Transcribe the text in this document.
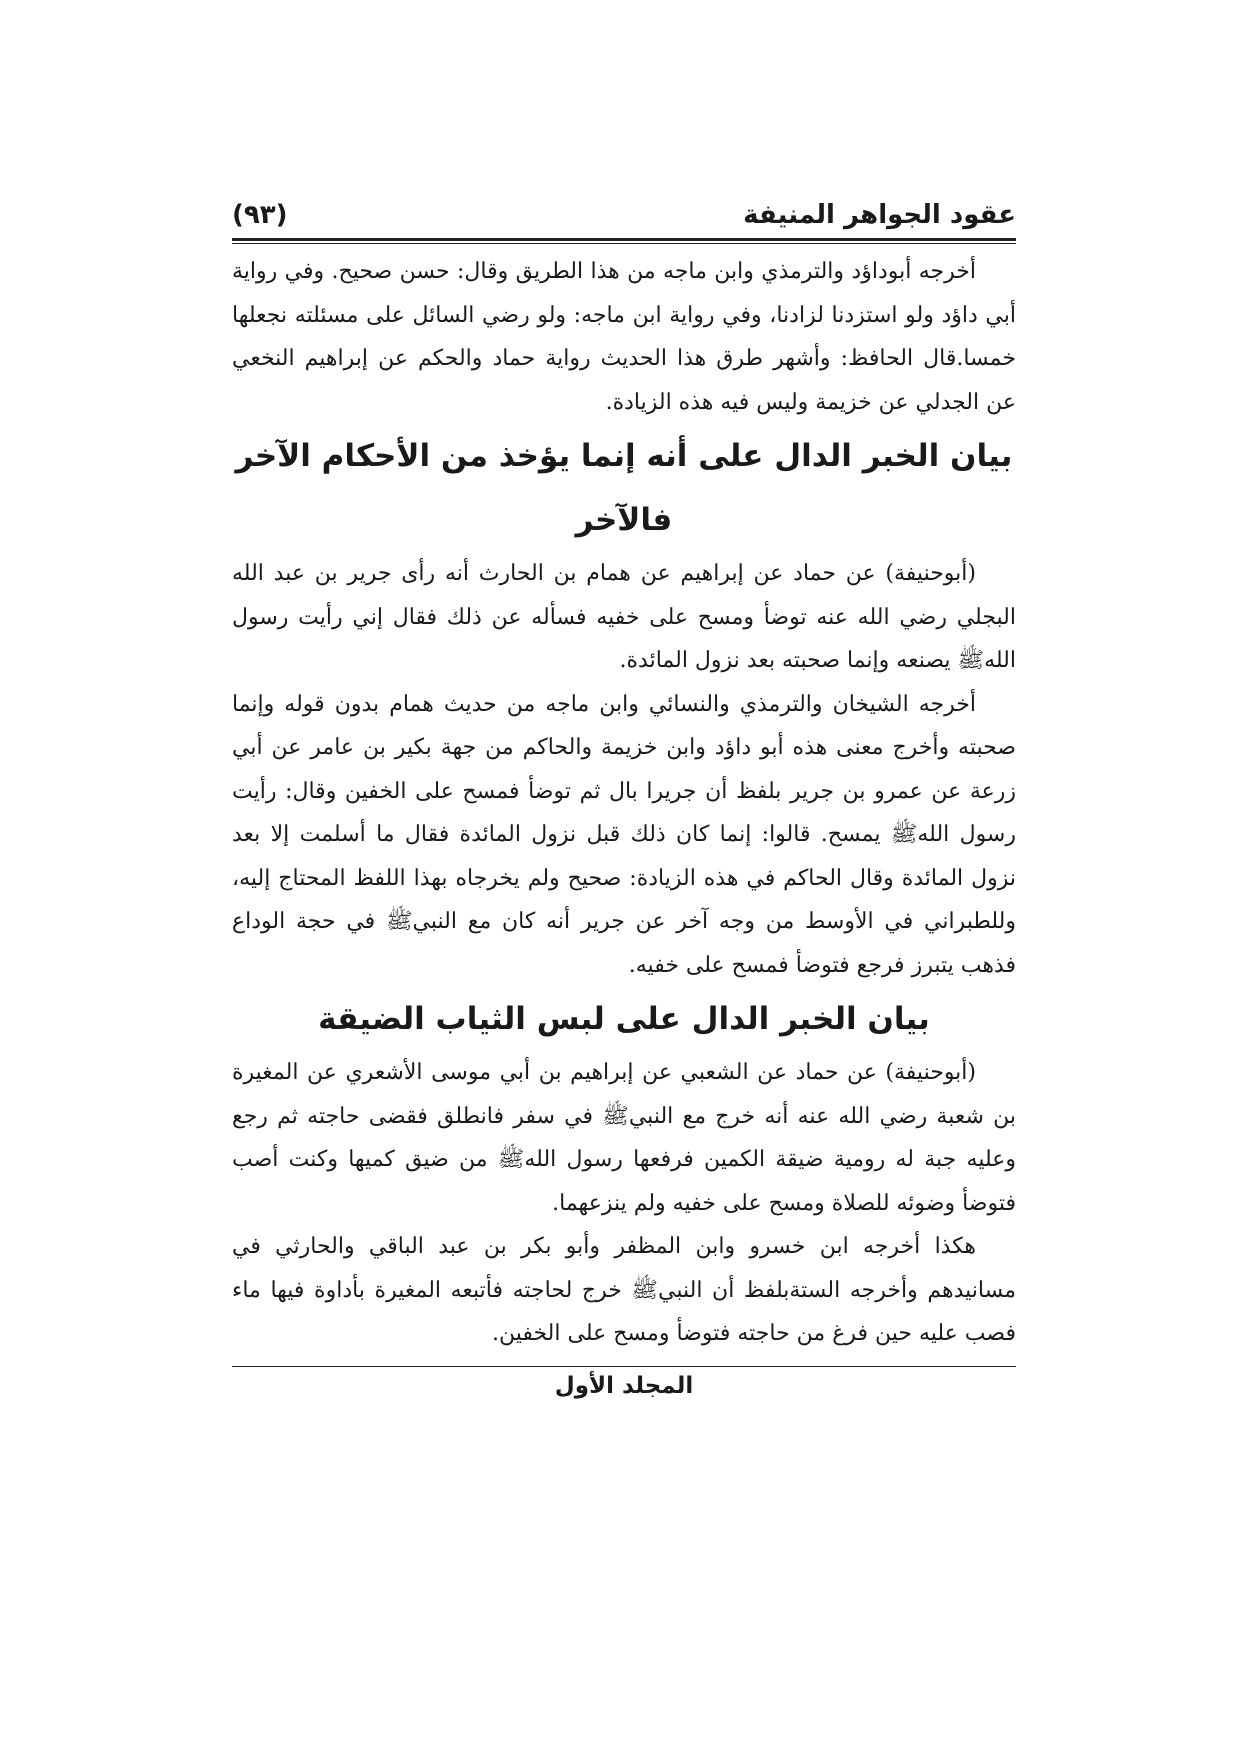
عقود الجواهر المنيفة
(٩٣)

أخرجه أبوداؤد والترمذي وابن ماجه من هذا الطريق وقال: حسن صحيح. وفي رواية أبي داؤد ولو استزدنا لزادنا، وفي رواية ابن ماجه: ولو رضي السائل على مسئلته نجعلها خمسا.قال الحافظ: وأشهر طرق هذا الحديث رواية حماد والحكم عن إبراهيم النخعي عن الجدلي عن خزيمة وليس فيه هذه الزيادة.

بيان الخبر الدال على أنه إنما يؤخذ من الأحكام الآخر فالآخر

(أبوحنيفة) عن حماد عن إبراهيم عن همام بن الحارث أنه رأى جرير بن عبد الله البجلي رضي الله عنه توضأ ومسح على خفيه فسأله عن ذلك فقال إني رأيت رسول اللهﷺ يصنعه وإنما صحبته بعد نزول المائدة.

أخرجه الشيخان والترمذي والنسائي وابن ماجه من حديث همام بدون قوله وإنما صحبته وأخرج معنى هذه أبو داؤد وابن خزيمة والحاكم من جهة بكير بن عامر عن أبي زرعة عن عمرو بن جرير بلفظ أن جريرا بال ثم توضأ فمسح على الخفين وقال: رأيت رسول اللهﷺ يمسح. قالوا: إنما كان ذلك قبل نزول المائدة فقال ما أسلمت إلا بعد نزول المائدة وقال الحاكم في هذه الزيادة: صحيح ولم يخرجاه بهذا اللفظ المحتاج إليه، وللطبراني في الأوسط من وجه آخر عن جرير أنه كان مع النبيﷺ في حجة الوداع فذهب يتبرز فرجع فتوضأ فمسح على خفيه.

بيان الخبر الدال على لبس الثياب الضيقة

(أبوحنيفة) عن حماد عن الشعبي عن إبراهيم بن أبي موسى الأشعري عن المغيرة بن شعبة رضي الله عنه أنه خرج مع النبيﷺ في سفر فانطلق فقضى حاجته ثم رجع وعليه جبة له رومية ضيقة الكمين فرفعها رسول اللهﷺ من ضيق كميها وكنت أصب فتوضأ وضوئه للصلاة ومسح على خفيه ولم ينزعهما.

هكذا أخرجه ابن خسرو وابن المظفر وأبو بكر بن عبد الباقي والحارثي في مسانيدهم وأخرجه الستةبلفظ أن النبيﷺ خرج لحاجته فأتبعه المغيرة بأداوة فيها ماء فصب عليه حين فرغ من حاجته فتوضأ ومسح على الخفين.

المجلد الأول
